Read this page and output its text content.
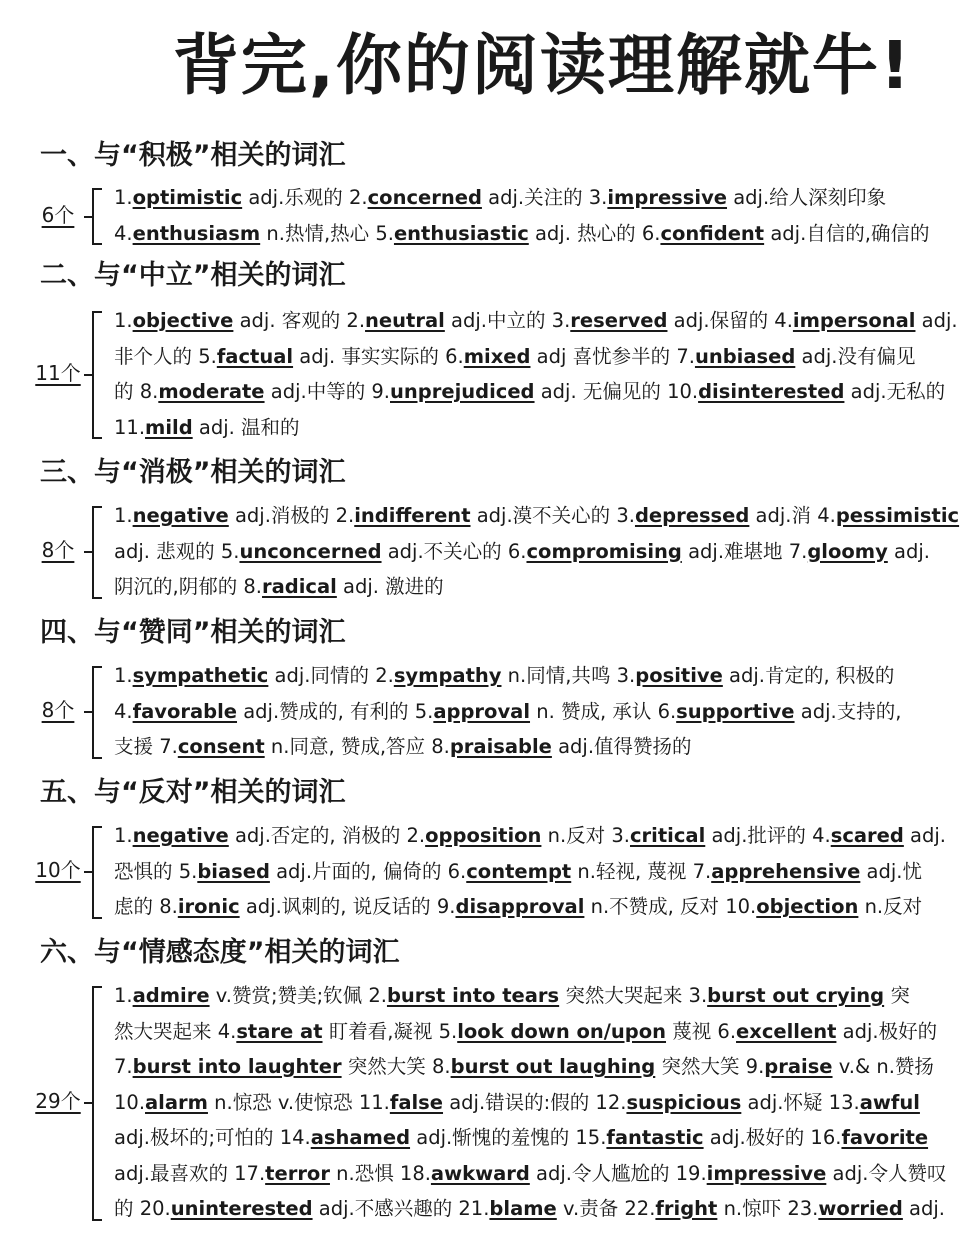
背完,你的阅读理解就牛!
一、与“积极”相关的词汇
6个
1.optimistic adj.乐观的 2.concerned adj.关注的 3.impressive adj.给人深刻印象
4.enthusiasm n.热情,热心 5.enthusiastic adj. 热心的 6.confident adj.自信的,确信的
二、与“中立”相关的词汇
11个
1.objective adj. 客观的 2.neutral adj.中立的 3.reserved adj.保留的 4.impersonal adj.
非个人的 5.factual adj. 事实实际的 6.mixed adj 喜忧参半的 7.unbiased adj.没有偏见
的 8.moderate adj.中等的 9.unprejudiced adj. 无偏见的 10.disinterested adj.无私的
11.mild adj. 温和的
三、与“消极”相关的词汇
8个
1.negative adj.消极的 2.indifferent adj.漠不关心的 3.depressed adj.消 4.pessimistic
adj. 悲观的 5.unconcerned adj.不关心的 6.compromising adj.难堪地 7.gloomy adj.
阴沉的,阴郁的 8.radical adj. 激进的
四、与“赞同”相关的词汇
8个
1.sympathetic adj.同情的 2.sympathy n.同情,共鸣 3.positive adj.肯定的, 积极的
4.favorable adj.赞成的, 有利的 5.approval n. 赞成, 承认 6.supportive adj.支持的,
支援 7.consent n.同意, 赞成,答应 8.praisable adj.值得赞扬的
五、与“反对”相关的词汇
10个
1.negative adj.否定的, 消极的 2.opposition n.反对 3.critical adj.批评的 4.scared adj.
恐惧的 5.biased adj.片面的, 偏倚的 6.contempt n.轻视, 蔑视 7.apprehensive adj.忧
虑的 8.ironic adj.讽刺的, 说反话的 9.disapproval n.不赞成, 反对 10.objection n.反对
六、与“情感态度”相关的词汇
29个
1.admire v.赞赏;赞美;钦佩 2.burst into tears 突然大哭起来 3.burst out crying 突
然大哭起来 4.stare at 盯着看,凝视 5.look down on/upon 蔑视 6.excellent adj.极好的
7.burst into laughter 突然大笑 8.burst out laughing 突然大笑 9.praise v.& n.赞扬
10.alarm n.惊恐 v.使惊恐 11.false adj.错误的:假的 12.suspicious adj.怀疑 13.awful
adj.极坏的;可怕的 14.ashamed adj.惭愧的羞愧的 15.fantastic adj.极好的 16.favorite
adj.最喜欢的 17.terror n.恐惧 18.awkward adj.令人尴尬的 19.impressive adj.令人赞叹
的 20.uninterested adj.不感兴趣的 21.blame v.责备 22.fright n.惊吓 23.worried adj.
